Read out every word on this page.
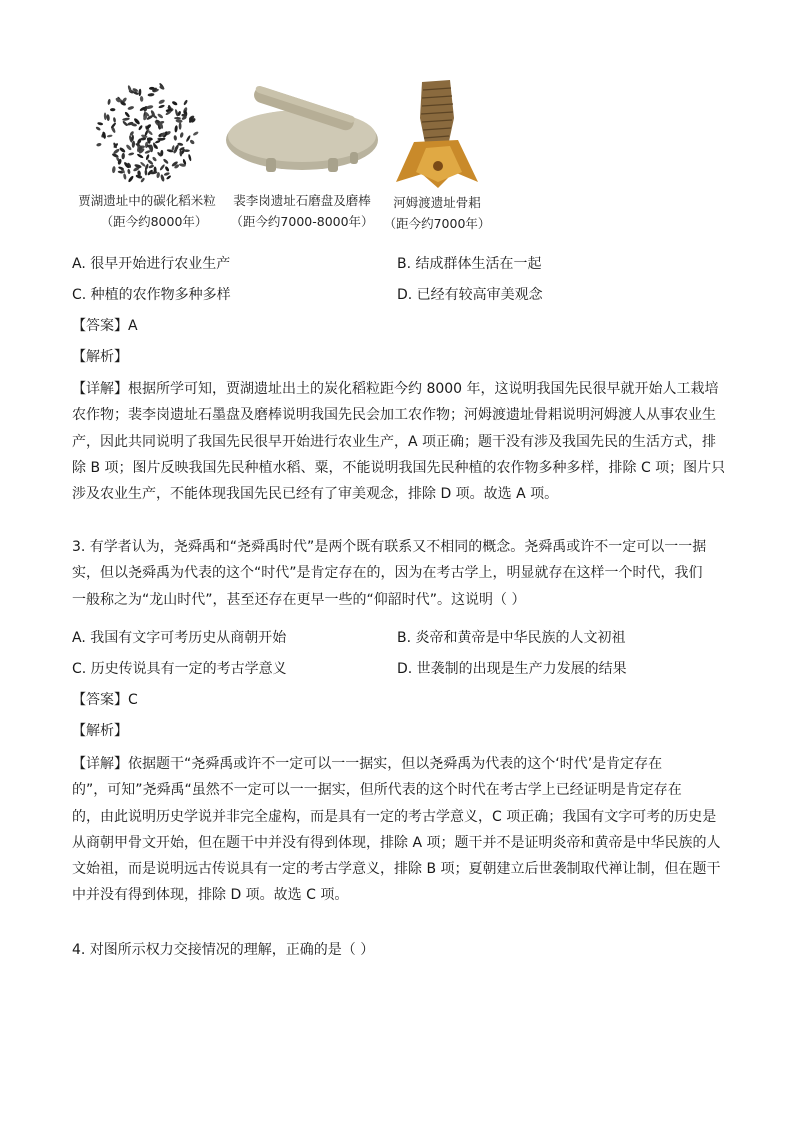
贾湖遗址中的碳化稻米粒
（距今约8000年）
裴李岗遗址石磨盘及磨棒
（距今约7000-8000年）
河姆渡遗址骨耜
（距今约7000年）
A. 很早开始进行农业生产	B. 结成群体生活在一起
C. 种植的农作物多种多样	D. 已经有较高审美观念
【答案】A
【解析】
【详解】根据所学可知，贾湖遗址出土的炭化稻粒距今约 8000 年，这说明我国先民很早就开始人工栽培
农作物；裴李岗遗址石墨盘及磨棒说明我国先民会加工农作物；河姆渡遗址骨耜说明河姆渡人从事农业生
产，因此共同说明了我国先民很早开始进行农业生产，A 项正确；题干没有涉及我国先民的生活方式，排
除 B 项；图片反映我国先民种植水稻、粟，不能说明我国先民种植的农作物多种多样，排除 C 项；图片只
涉及农业生产，不能体现我国先民已经有了审美观念，排除 D 项。故选 A 项。
3. 有学者认为，尧舜禹和“尧舜禹时代”是两个既有联系又不相同的概念。尧舜禹或许不一定可以一一据
实，但以尧舜禹为代表的这个“时代”是肯定存在的，因为在考古学上，明显就存在这样一个时代，我们
一般称之为“龙山时代”，甚至还存在更早一些的“仰韶时代”。这说明（ ）
A. 我国有文字可考历史从商朝开始	B. 炎帝和黄帝是中华民族的人文初祖
C. 历史传说具有一定的考古学意义	D. 世袭制的出现是生产力发展的结果
【答案】C
【解析】
【详解】依据题干“尧舜禹或许不一定可以一一据实，但以尧舜禹为代表的这个‘时代’是肯定存在
的”，可知”尧舜禹“虽然不一定可以一一据实，但所代表的这个时代在考古学上已经证明是肯定存在
的，由此说明历史学说并非完全虚构，而是具有一定的考古学意义，C 项正确；我国有文字可考的历史是
从商朝甲骨文开始，但在题干中并没有得到体现，排除 A 项；题干并不是证明炎帝和黄帝是中华民族的人
文始祖，而是说明远古传说具有一定的考古学意义，排除 B 项；夏朝建立后世袭制取代禅让制，但在题干
中并没有得到体现，排除 D 项。故选 C 项。
4. 对图所示权力交接情况的理解，正确的是（ ）
